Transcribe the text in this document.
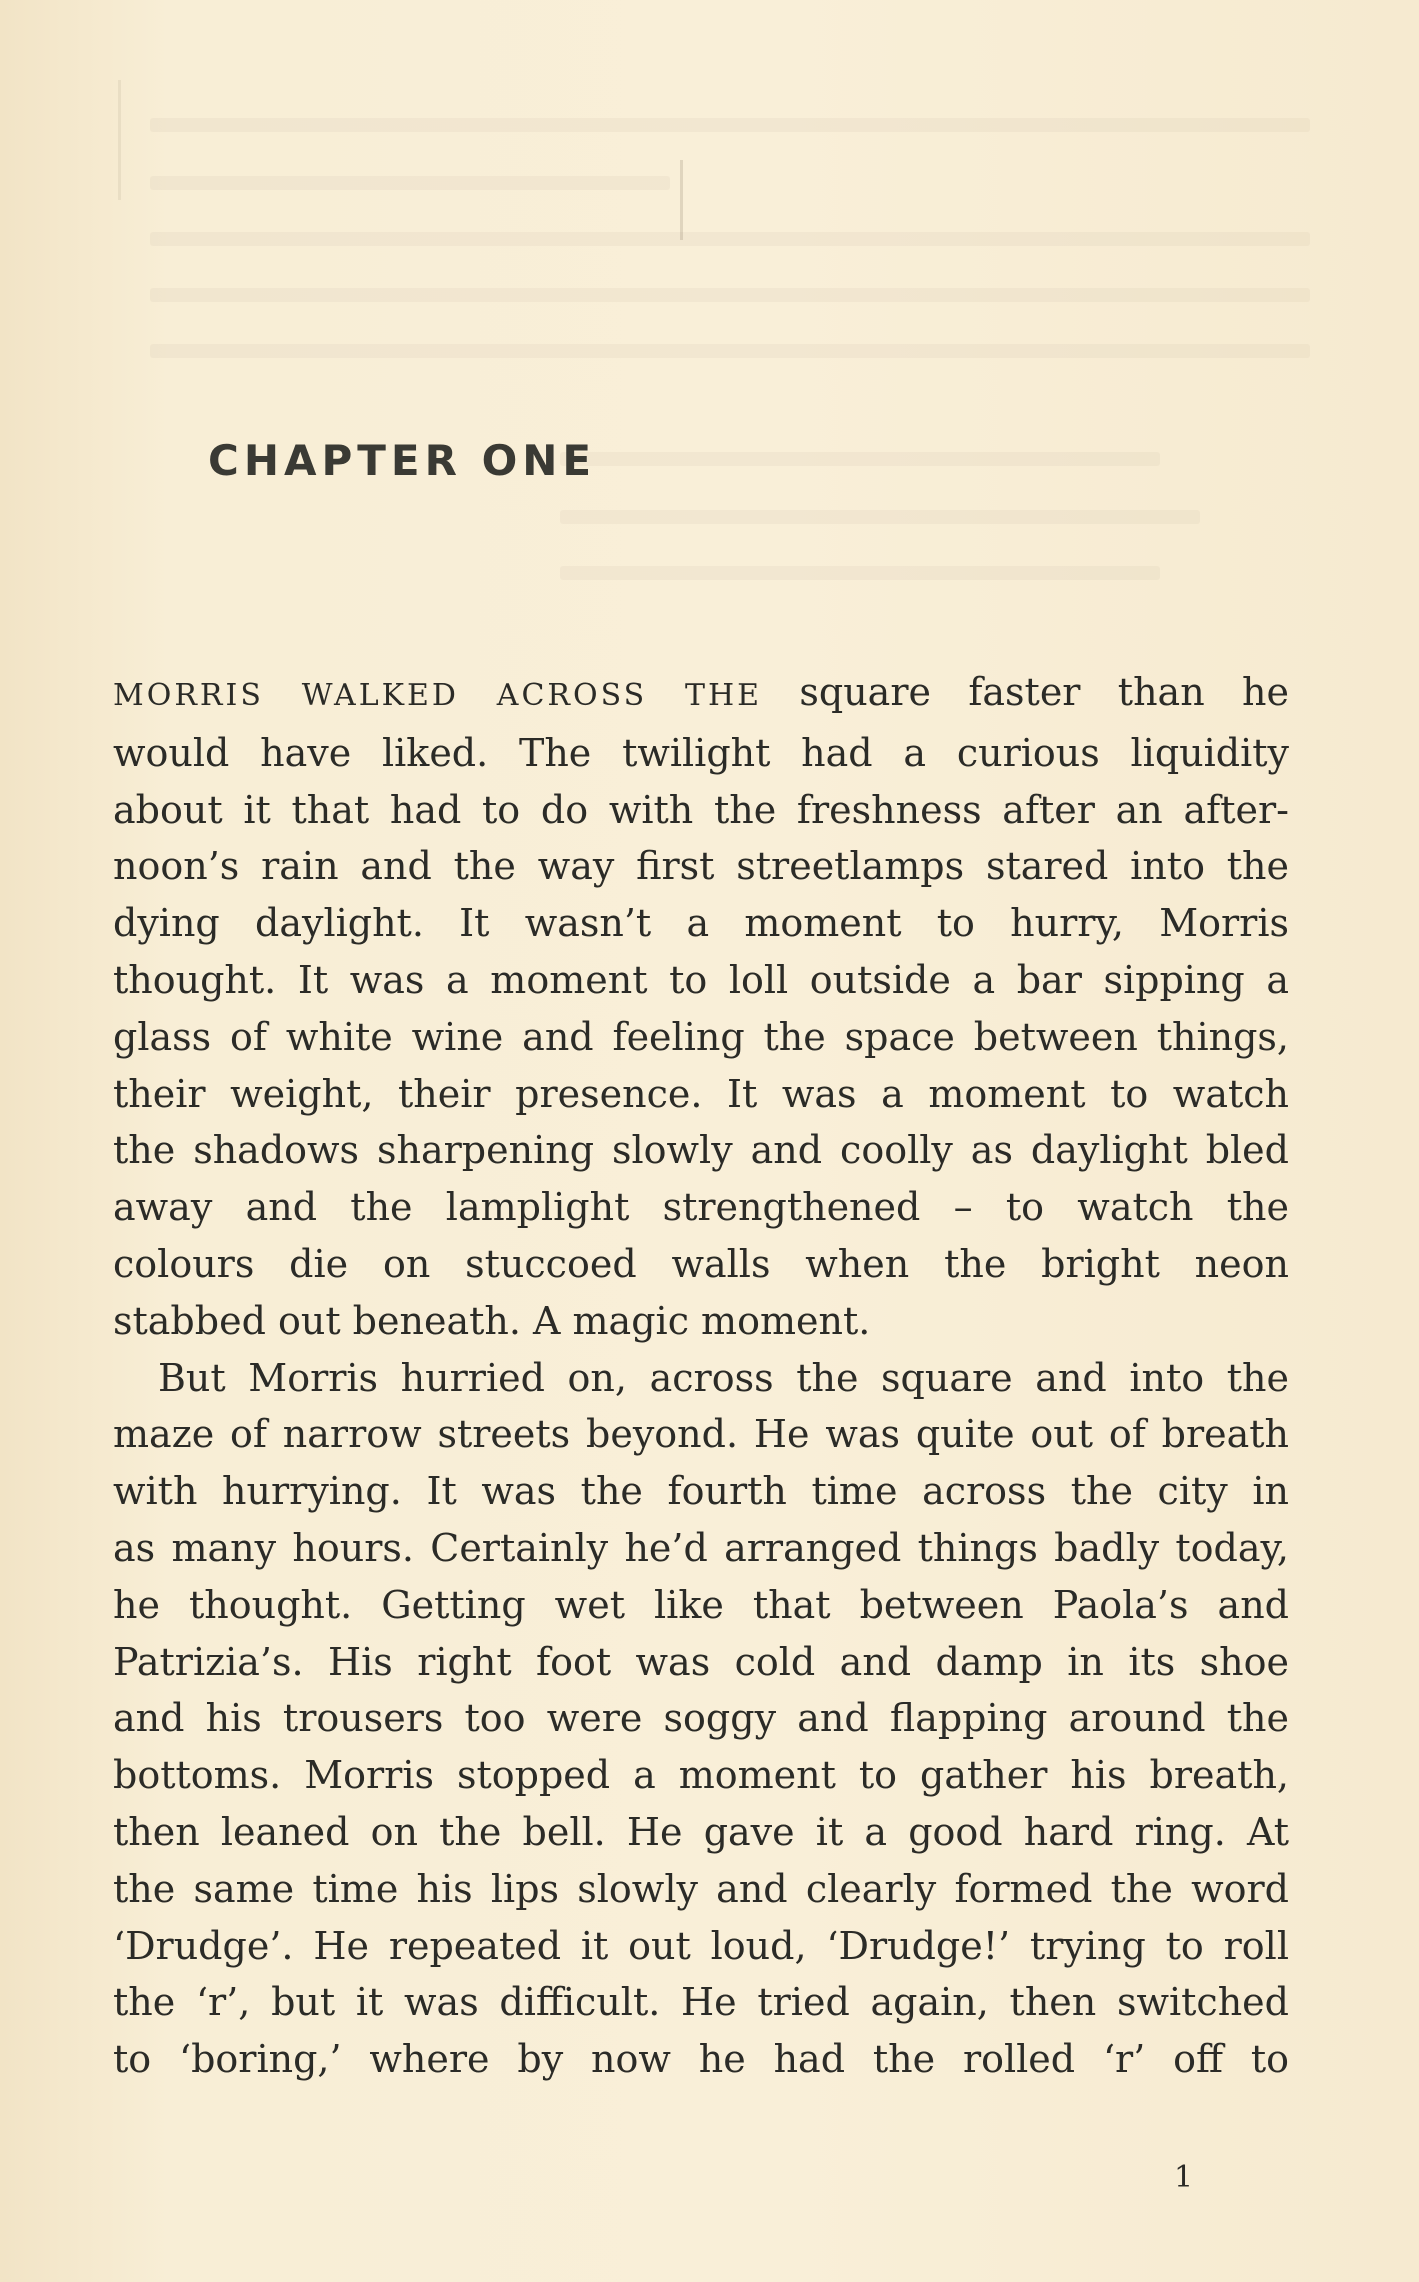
CHAPTER ONE

MORRIS WALKED ACROSS THE square faster than he

would have liked. The twilight had a curious liquidity

about it that had to do with the freshness after an after-

noon’s rain and the way first streetlamps stared into the

dying daylight. It wasn’t a moment to hurry, Morris

thought. It was a moment to loll outside a bar sipping a

glass of white wine and feeling the space between things,

their weight, their presence. It was a moment to watch

the shadows sharpening slowly and coolly as daylight bled

away and the lamplight strengthened – to watch the

colours die on stuccoed walls when the bright neon

stabbed out beneath. A magic moment.

But Morris hurried on, across the square and into the

maze of narrow streets beyond. He was quite out of breath

with hurrying. It was the fourth time across the city in

as many hours. Certainly he’d arranged things badly today,

he thought. Getting wet like that between Paola’s and

Patrizia’s. His right foot was cold and damp in its shoe

and his trousers too were soggy and flapping around the

bottoms. Morris stopped a moment to gather his breath,

then leaned on the bell. He gave it a good hard ring. At

the same time his lips slowly and clearly formed the word

‘Drudge’. He repeated it out loud, ‘Drudge!’ trying to roll

the ‘r’, but it was difficult. He tried again, then switched

to ‘boring,’ where by now he had the rolled ‘r’ off to

1
